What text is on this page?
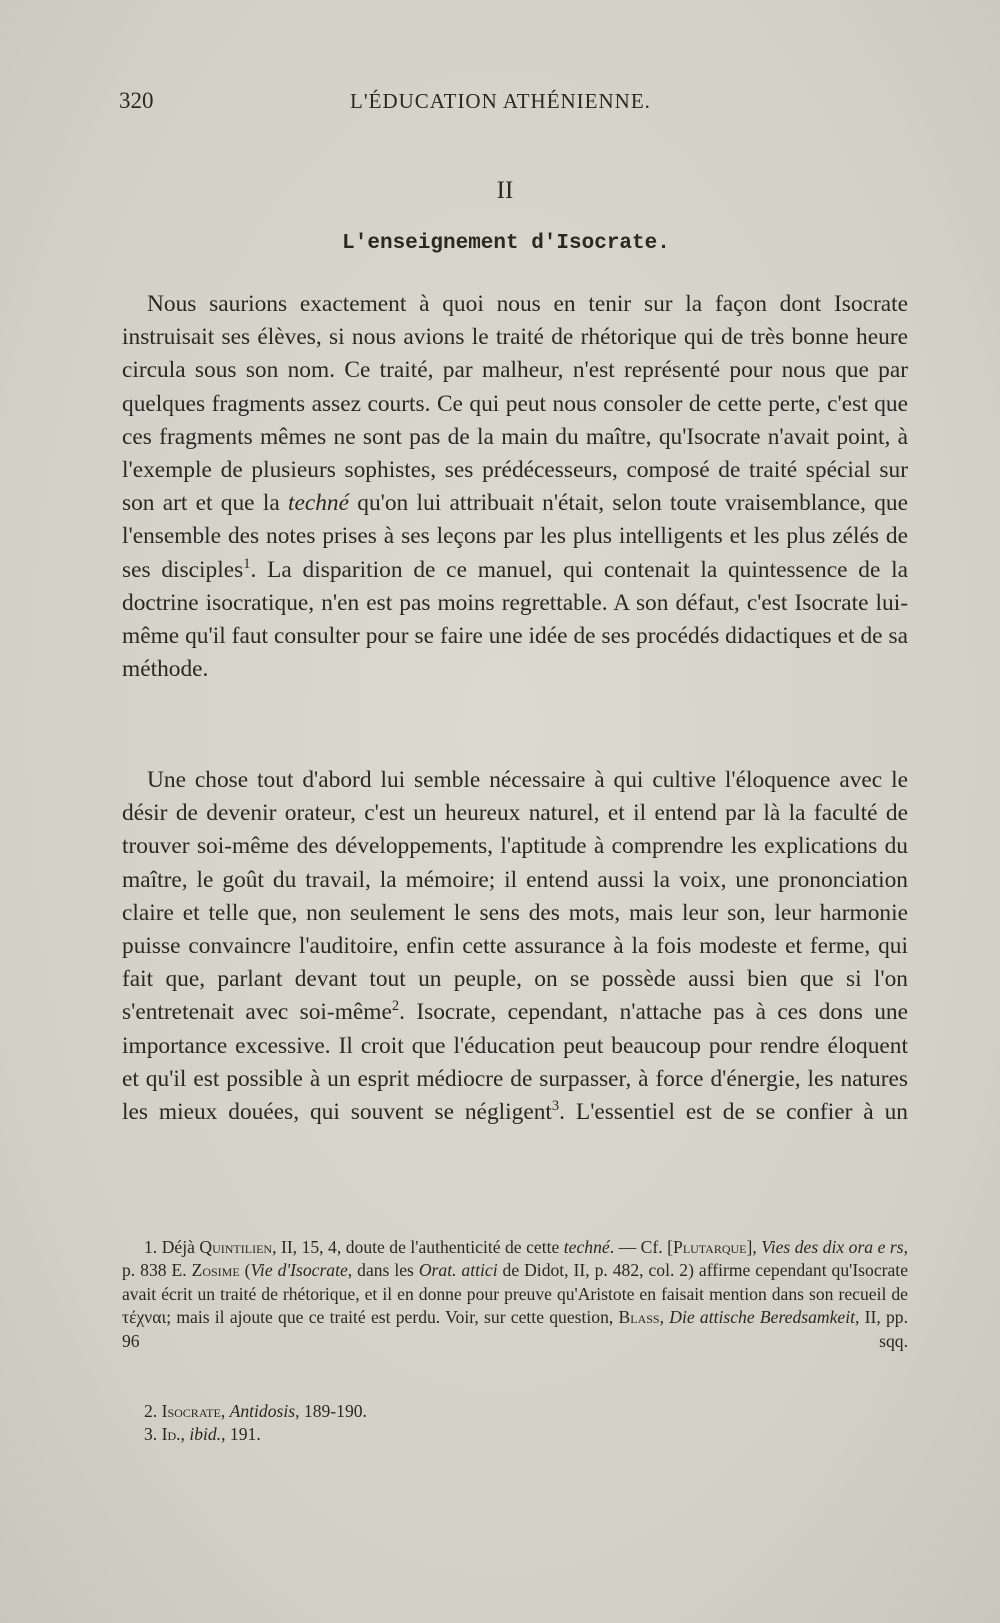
320	L'ÉDUCATION ATHÉNIENNE.
II
L'enseignement d'Isocrate.

Nous saurions exactement à quoi nous en tenir sur la façon dont Isocrate instruisait ses élèves, si nous avions le traité de rhétorique qui de très bonne heure circula sous son nom. Ce traité, par malheur, n'est représenté pour nous que par quelques fragments assez courts. Ce qui peut nous consoler de cette perte, c'est que ces fragments mêmes ne sont pas de la main du maître, qu'Isocrate n'avait point, à l'exemple de plusieurs sophistes, ses prédécesseurs, composé de traité spécial sur son art et que la techné qu'on lui attribuait n'était, selon toute vraisemblance, que l'ensemble des notes prises à ses leçons par les plus intelligents et les plus zélés de ses disciples$^1$. La disparition de ce manuel, qui contenait la quintessence de la doctrine isocratique, n'en est pas moins regrettable. A son défaut, c'est Isocrate lui-même qu'il faut consulter pour se faire une idée de ses procédés didactiques et de sa méthode.

Une chose tout d'abord lui semble nécessaire à qui cultive l'éloquence avec le désir de devenir orateur, c'est un heureux naturel, et il entend par là la faculté de trouver soi-même des développements, l'aptitude à comprendre les explications du maître, le goût du travail, la mémoire; il entend aussi la voix, une prononciation claire et telle que, non seulement le sens des mots, mais leur son, leur harmonie puisse convaincre l'auditoire, enfin cette assurance à la fois modeste et ferme, qui fait que, parlant devant tout un peuple, on se possède aussi bien que si l'on s'entretenait avec soi-même$^2$. Isocrate, cependant, n'attache pas à ces dons une importance excessive. Il croit que l'éducation peut beaucoup pour rendre éloquent et qu'il est possible à un esprit médiocre de surpasser, à force d'énergie, les natures les mieux douées, qui souvent se négligent$^3$. L'essentiel est de se confier à un

1. Déjà Quintilien, II, 15, 4, doute de l'authenticité de cette techné. — Cf. [Plutarque], Vies des dix ora e rs, p. 838 E. Zosime (Vie d'Isocrate, dans les Orat. attici de Didot, II, p. 482, col. 2) affirme cependant qu'Isocrate avait écrit un traité de rhétorique, et il en donne pour preuve qu'Aristote en faisait mention dans son recueil de τέχναι; mais il ajoute que ce traité est perdu. Voir, sur cette question, Blass, Die attische Beredsamkeit, II, pp. 96 sqq.

2. Isocrate, Antidosis, 189-190.

3. Id., ibid., 191.
